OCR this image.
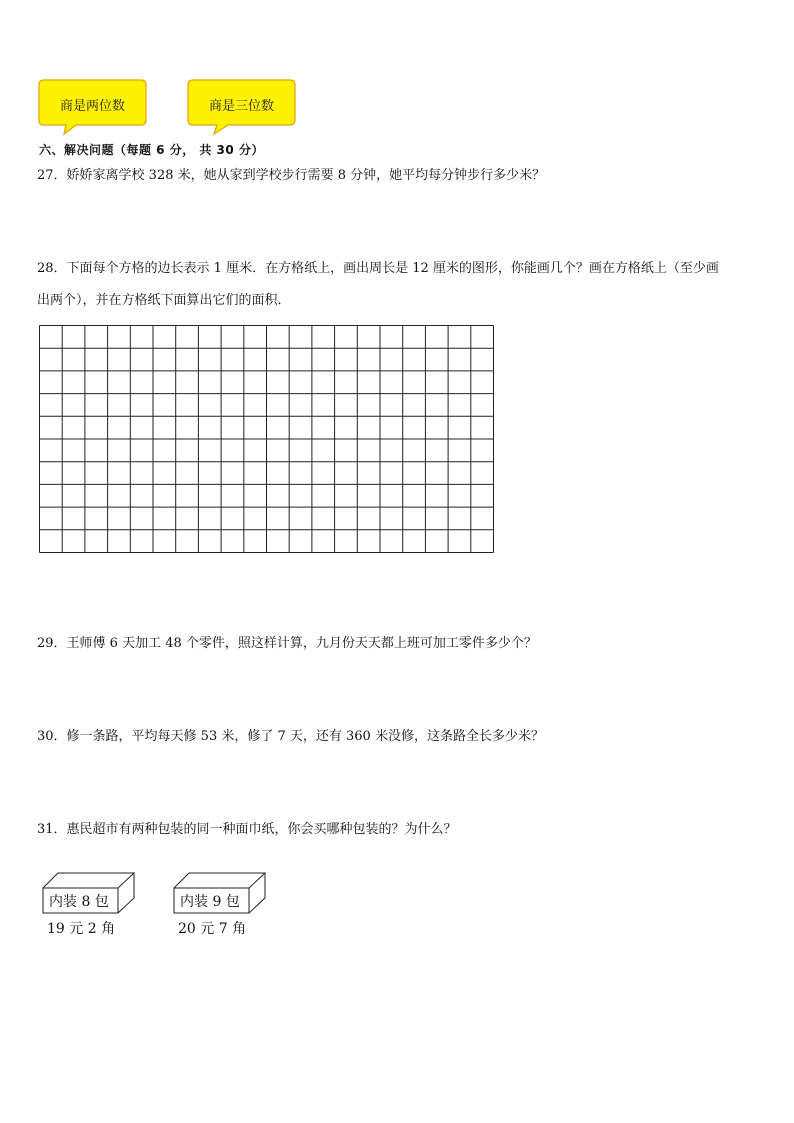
商是两位数	商是三位数
六、解决问题（每题 6 分， 共 30 分）
27．娇娇家离学校 328 米，她从家到学校步行需要 8 分钟，她平均每分钟步行多少米？
28．下面每个方格的边长表示 1 厘米．在方格纸上，画出周长是 12 厘米的图形，你能画几个？画在方格纸上（至少画
出两个），并在方格纸下面算出它们的面积．
29．王师傅 6 天加工 48 个零件，照这样计算，九月份天天都上班可加工零件多少个？
30．修一条路，平均每天修 53 米，修了 7 天，还有 360 米没修，这条路全长多少米？
31．惠民超市有两种包装的同一种面巾纸，你会买哪种包装的？为什么？
内装 8 包
19 元 2 角
内装 9 包
20 元 7 角
